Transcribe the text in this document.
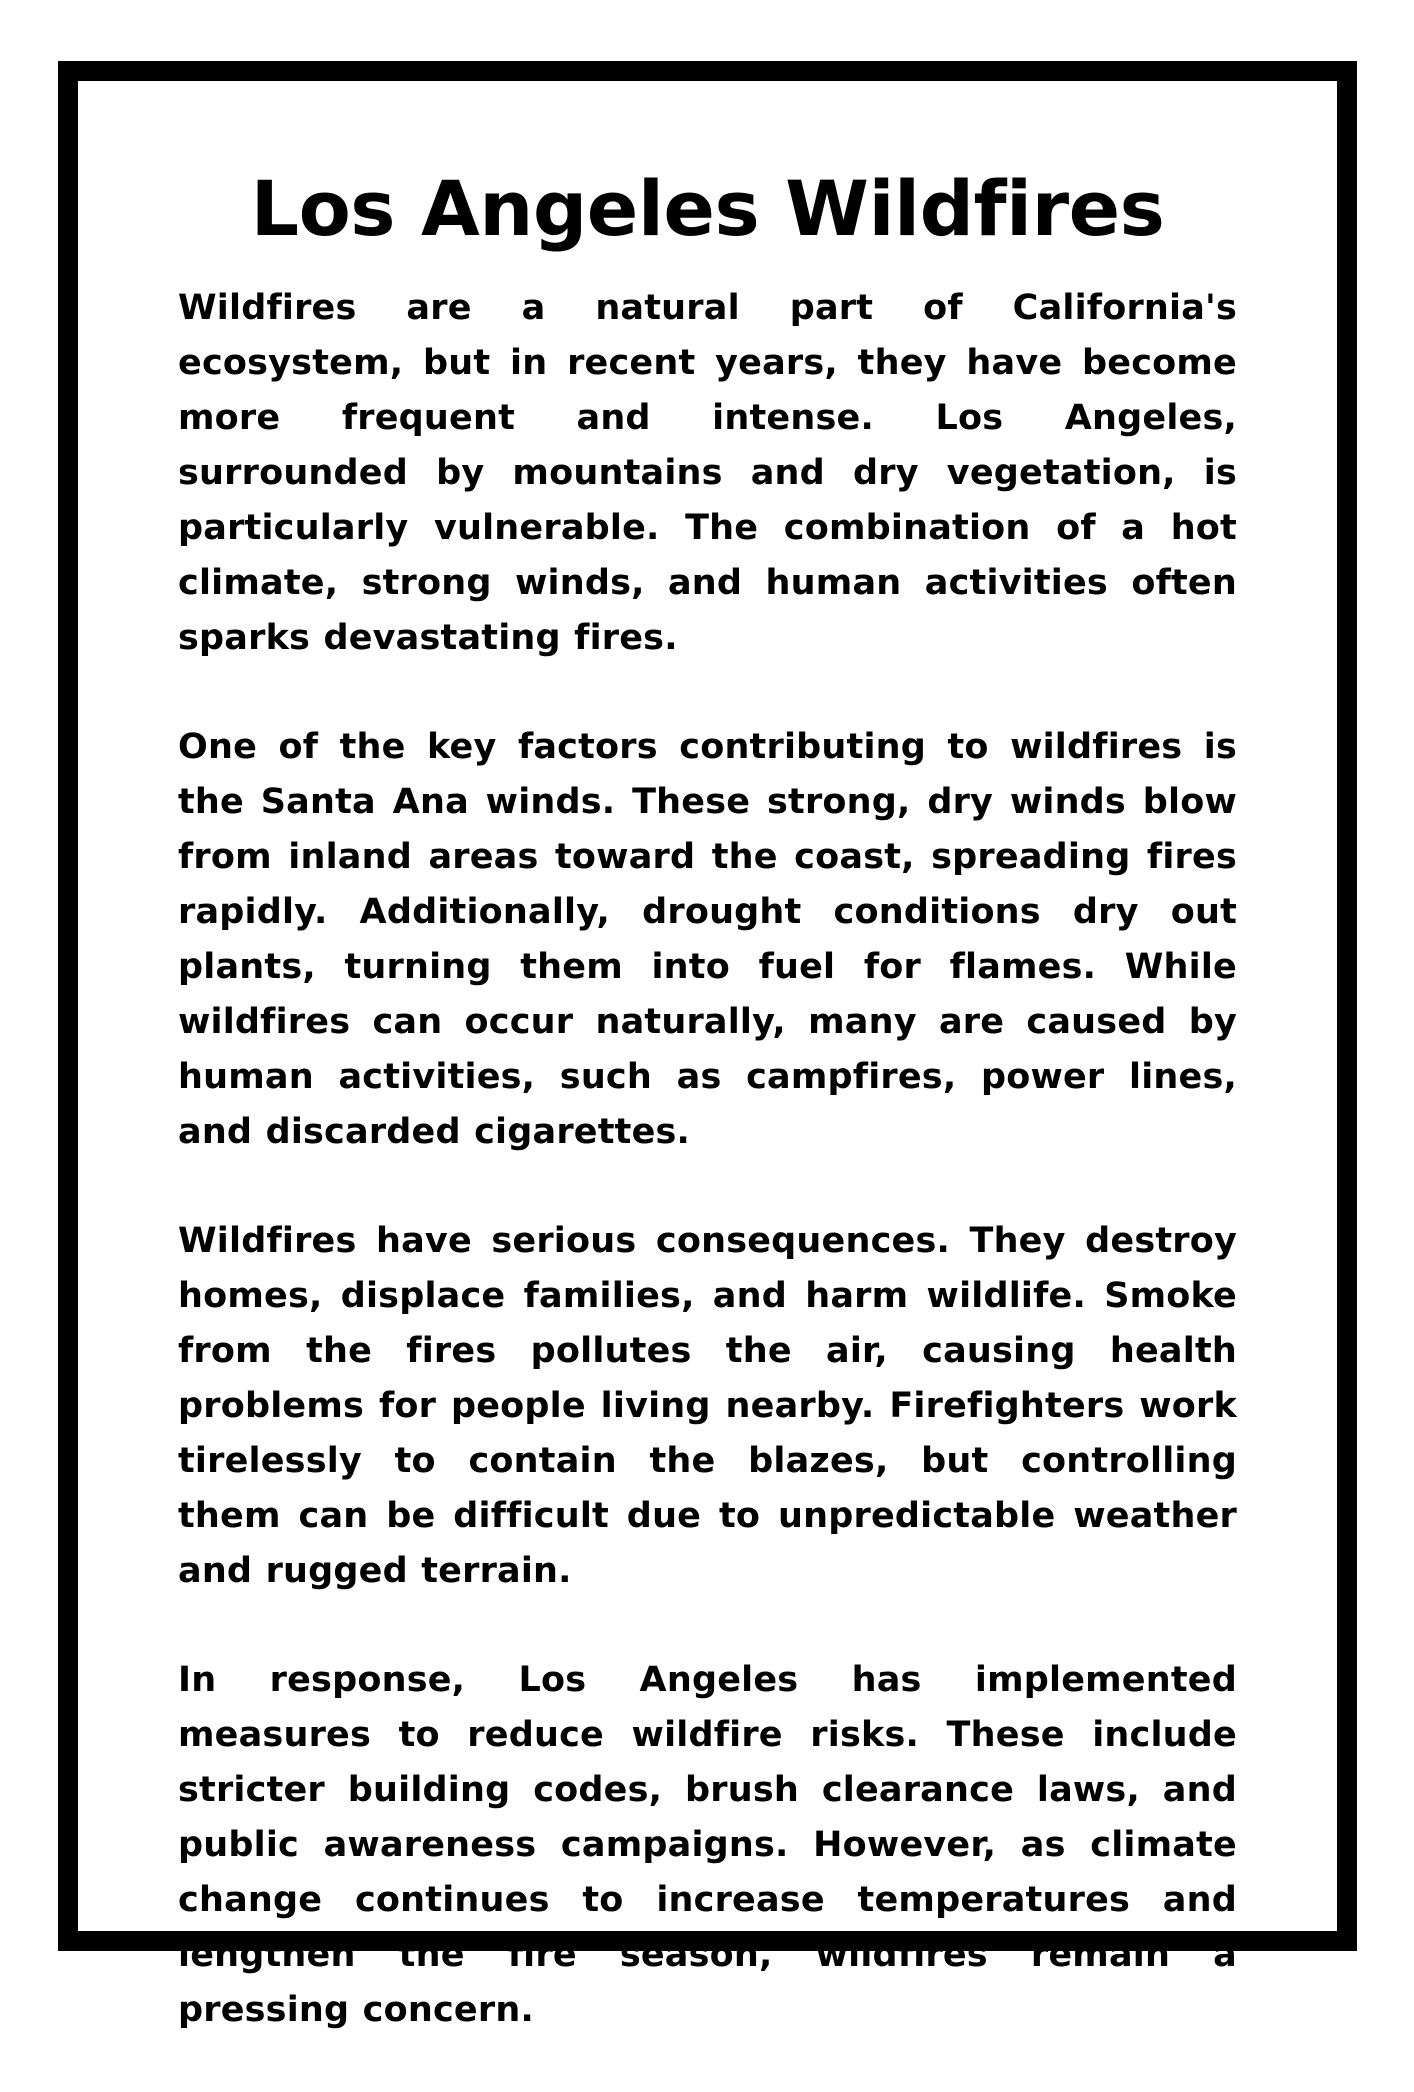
Los Angeles Wildfires

Wildfires are a natural part of California's ecosystem, but in recent years, they have become more frequent and intense. Los Angeles, surrounded by mountains and dry vegetation, is particularly vulnerable. The combination of a hot climate, strong winds, and human activities often sparks devastating fires.

One of the key factors contributing to wildfires is the Santa Ana winds. These strong, dry winds blow from inland areas toward the coast, spreading fires rapidly. Additionally, drought conditions dry out plants, turning them into fuel for flames. While wildfires can occur naturally, many are caused by human activities, such as campfires, power lines, and discarded cigarettes.

Wildfires have serious consequences. They destroy homes, displace families, and harm wildlife. Smoke from the fires pollutes the air, causing health problems for people living nearby. Firefighters work tirelessly to contain the blazes, but controlling them can be difficult due to unpredictable weather and rugged terrain.

In response, Los Angeles has implemented measures to reduce wildfire risks. These include stricter building codes, brush clearance laws, and public awareness campaigns. However, as climate change continues to increase temperatures and lengthen the fire season, wildfires remain a pressing concern.
